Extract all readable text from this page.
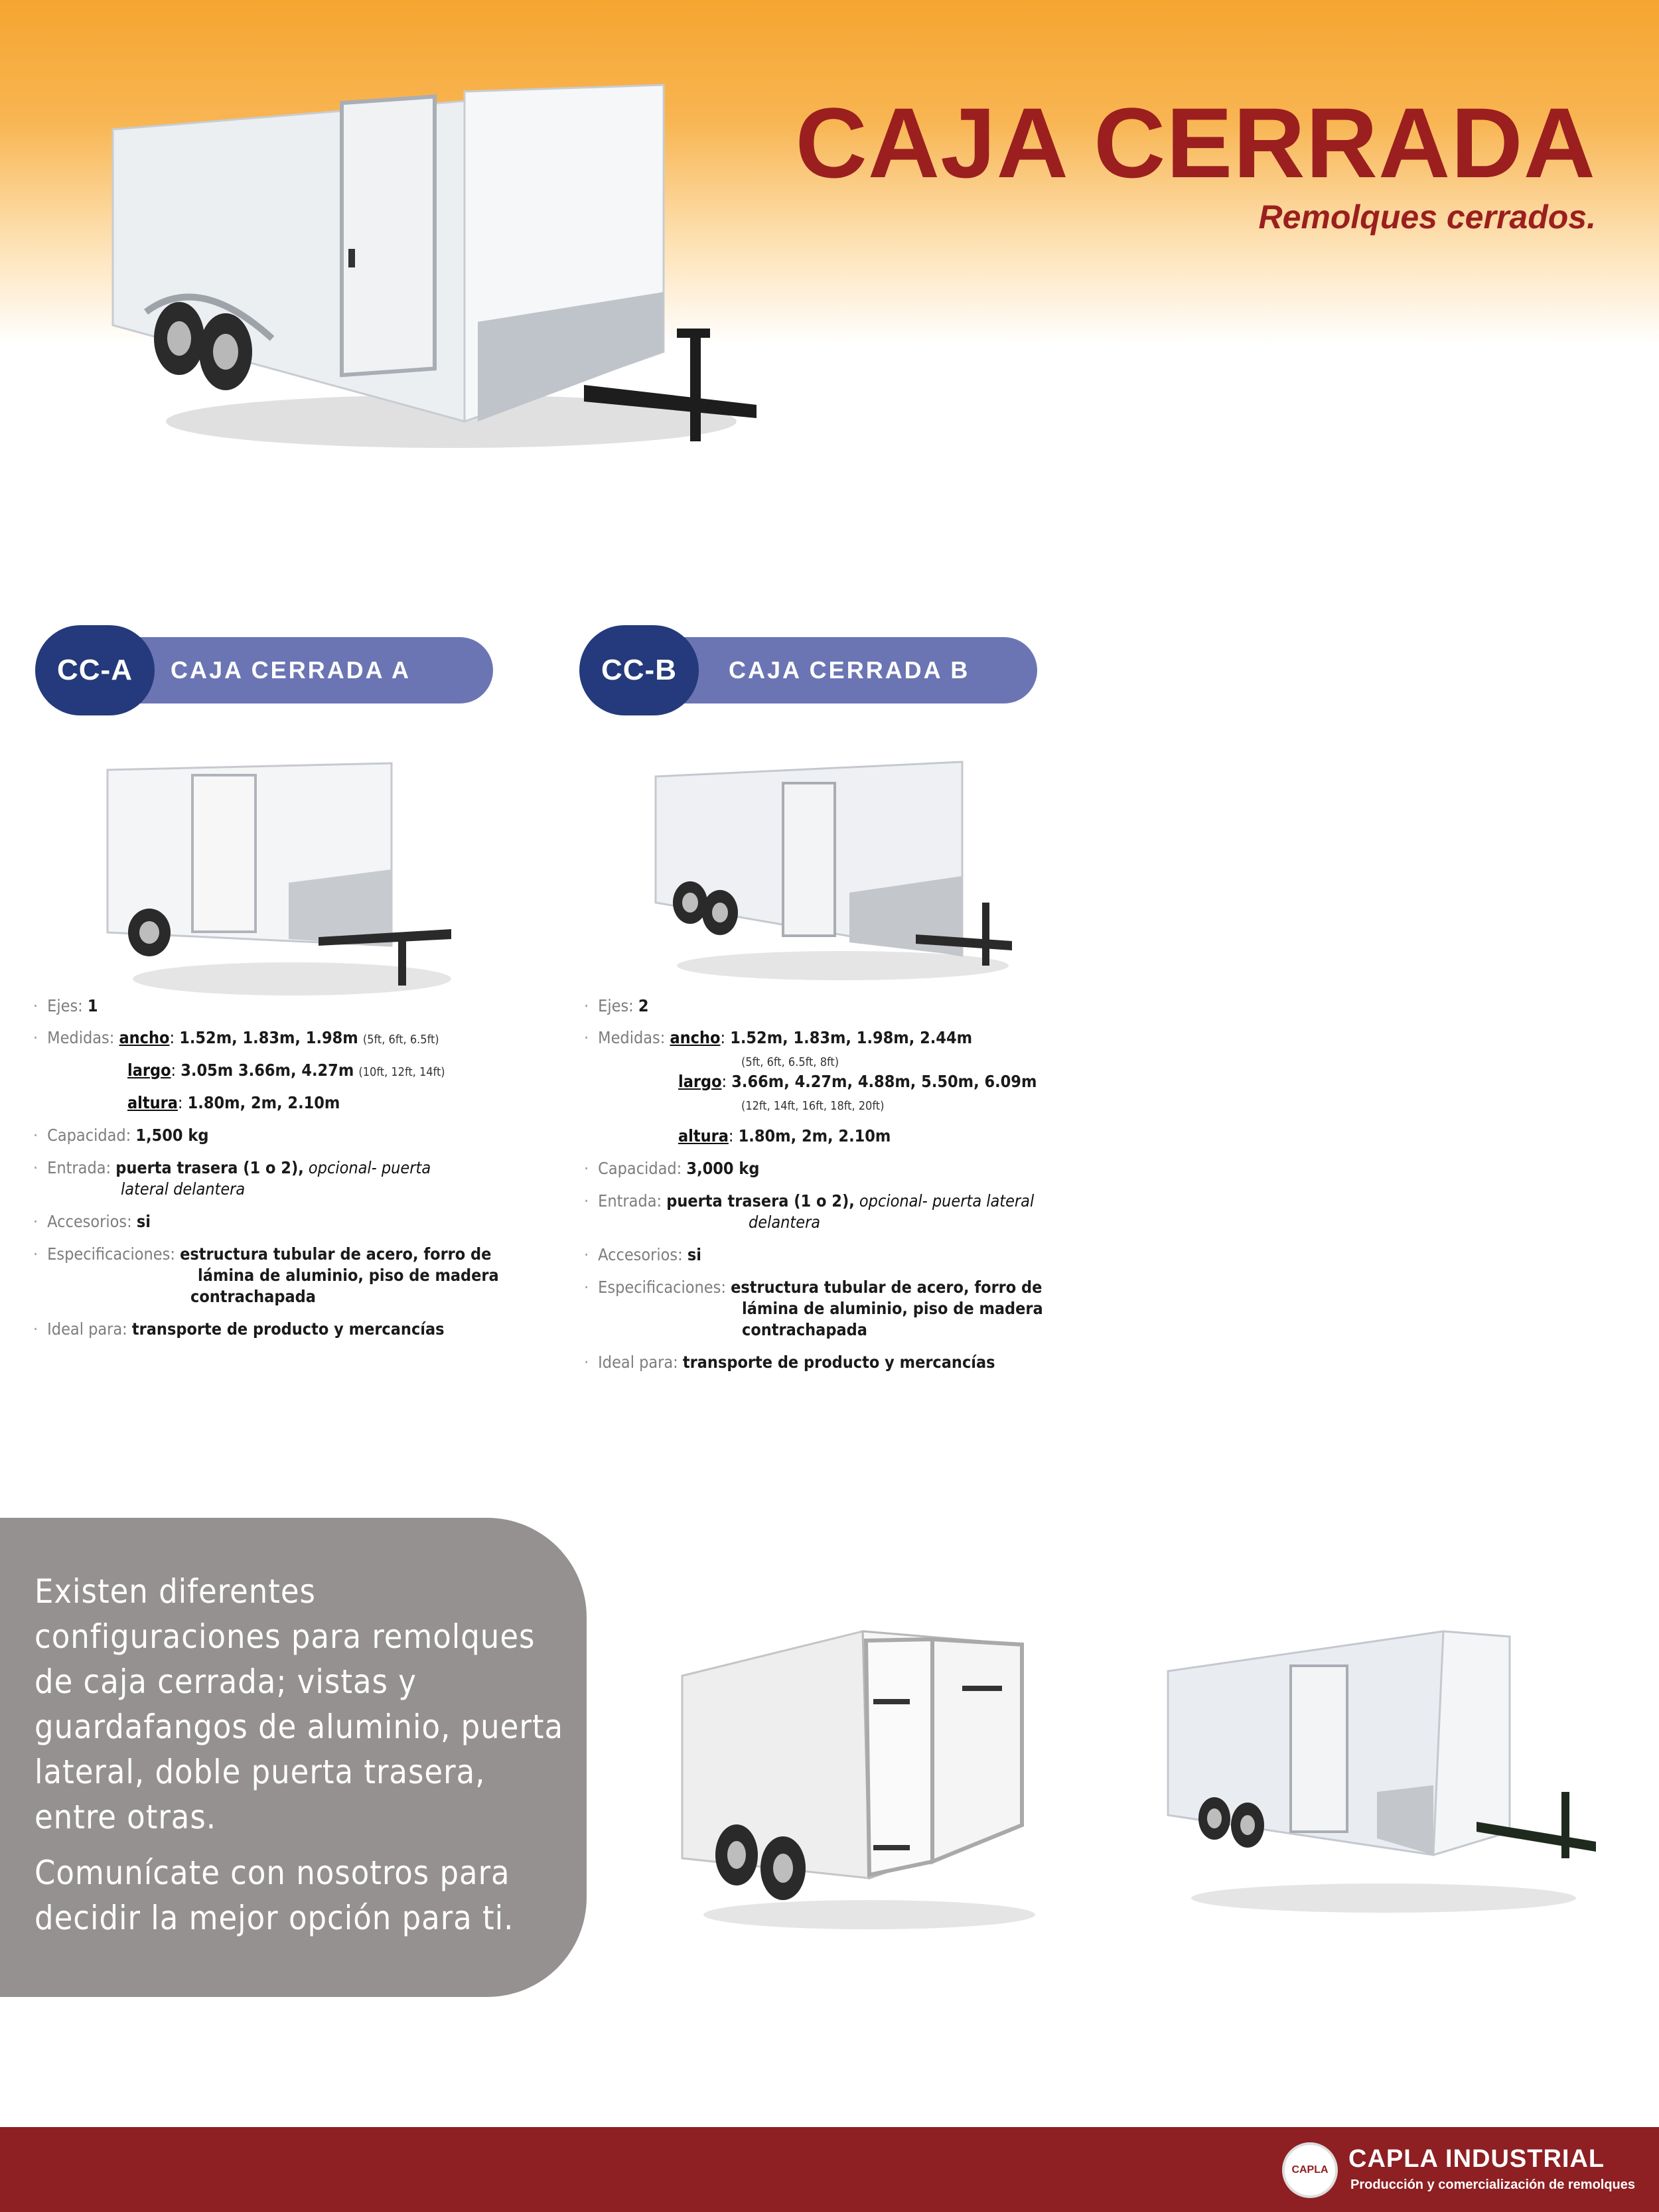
CAJA CERRADA
Remolques cerrados.
CAJA CERRADA A
CC-A
· Ejes: 1
· Medidas: ancho: 1.52m, 1.83m, 1.98m (5ft, 6ft, 6.5ft)
largo: 3.05m 3.66m, 4.27m (10ft, 12ft, 14ft)
altura: 1.80m, 2m, 2.10m
· Capacidad: 1,500 kg
· Entrada: puerta trasera (1 o 2), opcional- puerta
lateral delantera
· Accesorios: si
· Especificaciones: estructura tubular de acero, forro de
lámina de aluminio, piso de madera
contrachapada
· Ideal para: transporte de producto y mercancías
CAJA CERRADA B
CC-B
· Ejes: 2
· Medidas: ancho: 1.52m, 1.83m, 1.98m, 2.44m
(5ft, 6ft, 6.5ft, 8ft)
largo: 3.66m, 4.27m, 4.88m, 5.50m, 6.09m
(12ft, 14ft, 16ft, 18ft, 20ft)
altura: 1.80m, 2m, 2.10m
· Capacidad: 3,000 kg
· Entrada: puerta trasera (1 o 2), opcional- puerta lateral
delantera
· Accesorios: si
· Especificaciones: estructura tubular de acero, forro de
lámina de aluminio, piso de madera
contrachapada
· Ideal para: transporte de producto y mercancías
Existen diferentes
configuraciones para remolques
de caja cerrada; vistas y
guardafangos de aluminio, puerta
lateral, doble puerta trasera,
entre otras.
Comunícate con nosotros para
decidir la mejor opción para ti.
CAPLA CAPLA INDUSTRIAL
Producción y comercialización de remolques
